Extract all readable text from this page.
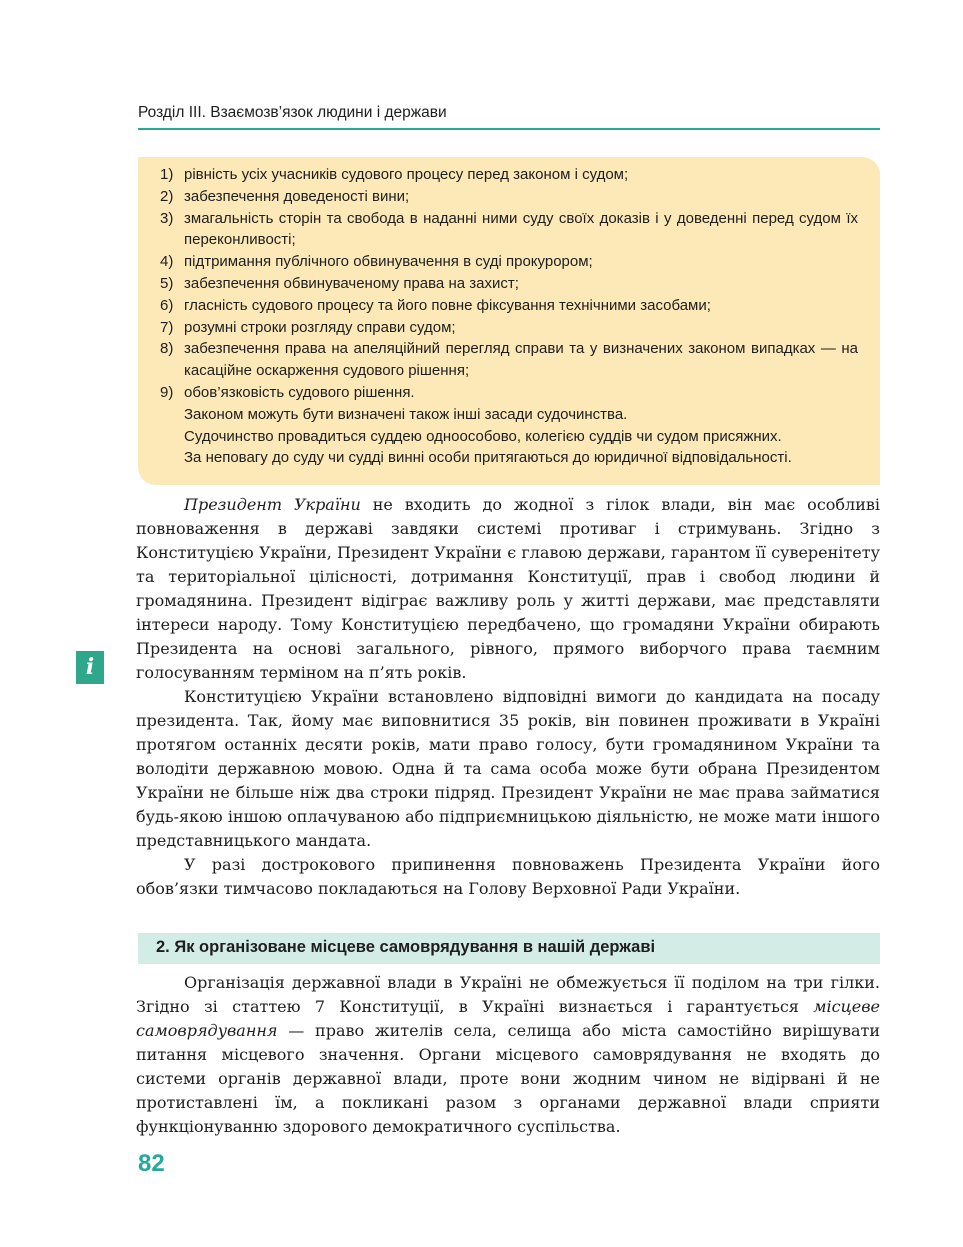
Розділ ІІІ. Взаємозв’язок людини і держави
1) рівність усіх учасників судового процесу перед законом і судом;
2) забезпечення доведеності вини;
3) змагальність сторін та свобода в наданні ними суду своїх доказів і у доведенні перед судом їх переконливості;
4) підтримання публічного обвинувачення в суді прокурором;
5) забезпечення обвинуваченому права на захист;
6) гласність судового процесу та його повне фіксування технічними засобами;
7) розумні строки розгляду справи судом;
8) забезпечення права на апеляційний перегляд справи та у визначених законом випадках — на касаційне оскарження судового рішення;
9) обов’язковість судового рішення.

Законом можуть бути визначені також інші засади судочинства.

Судочинство провадиться суддею одноособово, колегією суддів чи судом присяжних.

За неповагу до суду чи судді винні особи притягаються до юридичної відповідальності.

Президент України не входить до жодної з гілок влади, він має особливі повноваження в державі завдяки системі противаг і стримувань. Згідно з Конституцією України, Президент України є главою держави, гарантом її суверенітету та територіальної цілісності, дотримання Конституції, прав і свобод людини й громадянина. Президент відіграє важливу роль у житті держави, має представляти інтереси народу. Тому Конституцією передбачено, що громадяни України обирають Президента на основі загального, рівного, прямого виборчого права таємним голосуванням терміном на п’ять років.

Конституцією України встановлено відповідні вимоги до кандидата на посаду президента. Так, йому має виповнитися 35 років, він повинен проживати в Україні протягом останніх десяти років, мати право голосу, бути громадянином України та володіти державною мовою. Одна й та сама особа може бути обрана Президентом України не більше ніж два строки підряд. Президент України не має права займатися будь-якою іншою оплачуваною або підприємницькою діяльністю, не може мати іншого представницького мандата.

У разі дострокового припинення повноважень Президента України його обов’язки тимчасово покладаються на Голову Верховної Ради України.

i
2. Як організоване місцеве самоврядування в нашій державі

Організація державної влади в Україні не обмежується її поділом на три гілки. Згідно зі статтею 7 Конституції, в Україні визнається і гарантується місцеве самоврядування — право жителів села, селища або міста самостійно вирішувати питання місцевого значення. Органи місцевого самоврядування не входять до системи органів державної влади, проте вони жодним чином не відірвані й не протиставлені їм, а покликані разом з органами державної влади сприяти функціонуванню здорового демократичного суспільства.

82
